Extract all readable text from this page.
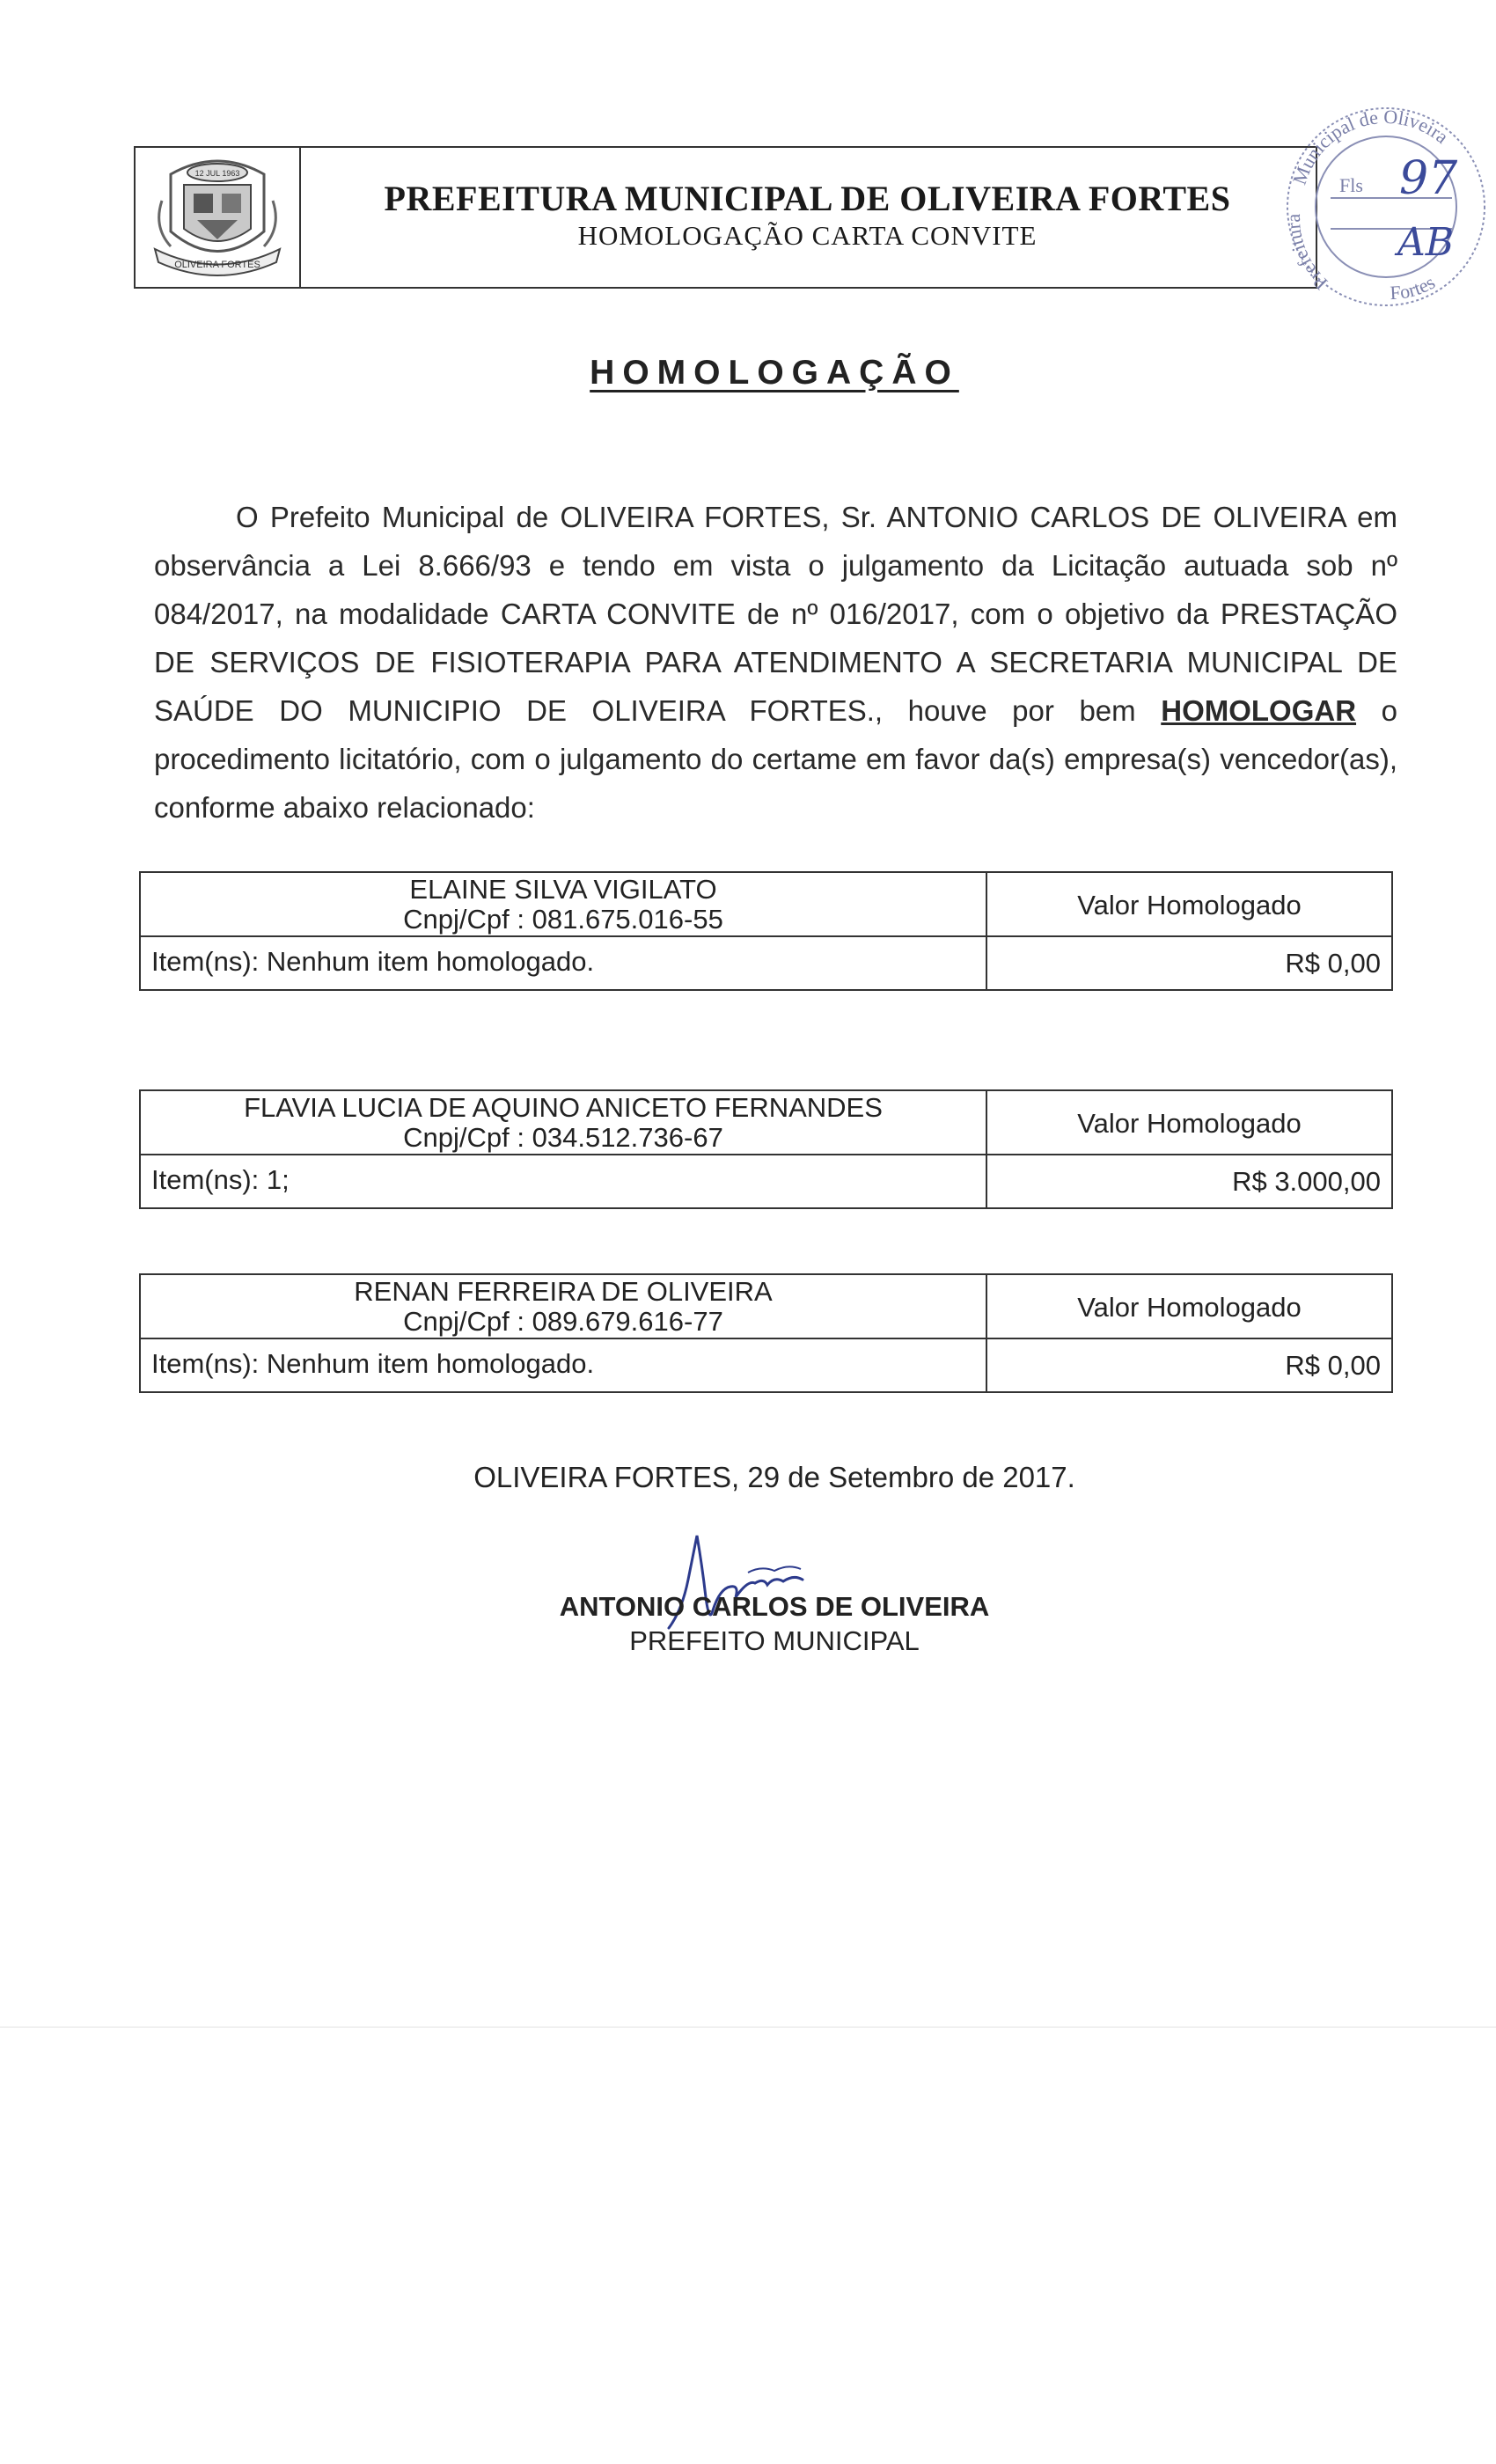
12 JUL 1963
OLIVEIRA FORTES
PREFEITURA MUNICIPAL DE OLIVEIRA FORTES
HOMOLOGAÇÃO CARTA CONVITE
Municipal de Oliveira
Prefeitura
Fortes
Fls 97
AB
HOMOLOGAÇÃO
O Prefeito Municipal de OLIVEIRA FORTES, Sr. ANTONIO CARLOS DE OLIVEIRA em observância a Lei 8.666/93 e tendo em vista o julgamento da Licitação autuada sob nº 084/2017, na modalidade CARTA CONVITE de nº 016/2017, com o objetivo da PRESTAÇÃO DE SERVIÇOS DE FISIOTERAPIA PARA ATENDIMENTO A SECRETARIA MUNICIPAL DE SAÚDE DO MUNICIPIO DE OLIVEIRA FORTES., houve por bem HOMOLOGAR o procedimento licitatório, com o julgamento do certame em favor da(s) empresa(s) vencedor(as), conforme abaixo relacionado:
ELAINE SILVA VIGILATO
Cnpj/Cpf : 081.675.016-55	Valor Homologado
Item(ns): Nenhum item homologado.	R$ 0,00
FLAVIA LUCIA DE AQUINO ANICETO FERNANDES
Cnpj/Cpf : 034.512.736-67	Valor Homologado
Item(ns): 1;	R$ 3.000,00
RENAN FERREIRA DE OLIVEIRA
Cnpj/Cpf : 089.679.616-77	Valor Homologado
Item(ns): Nenhum item homologado.	R$ 0,00
OLIVEIRA FORTES, 29 de Setembro de 2017.
ANTONIO CARLOS DE OLIVEIRA
PREFEITO MUNICIPAL
